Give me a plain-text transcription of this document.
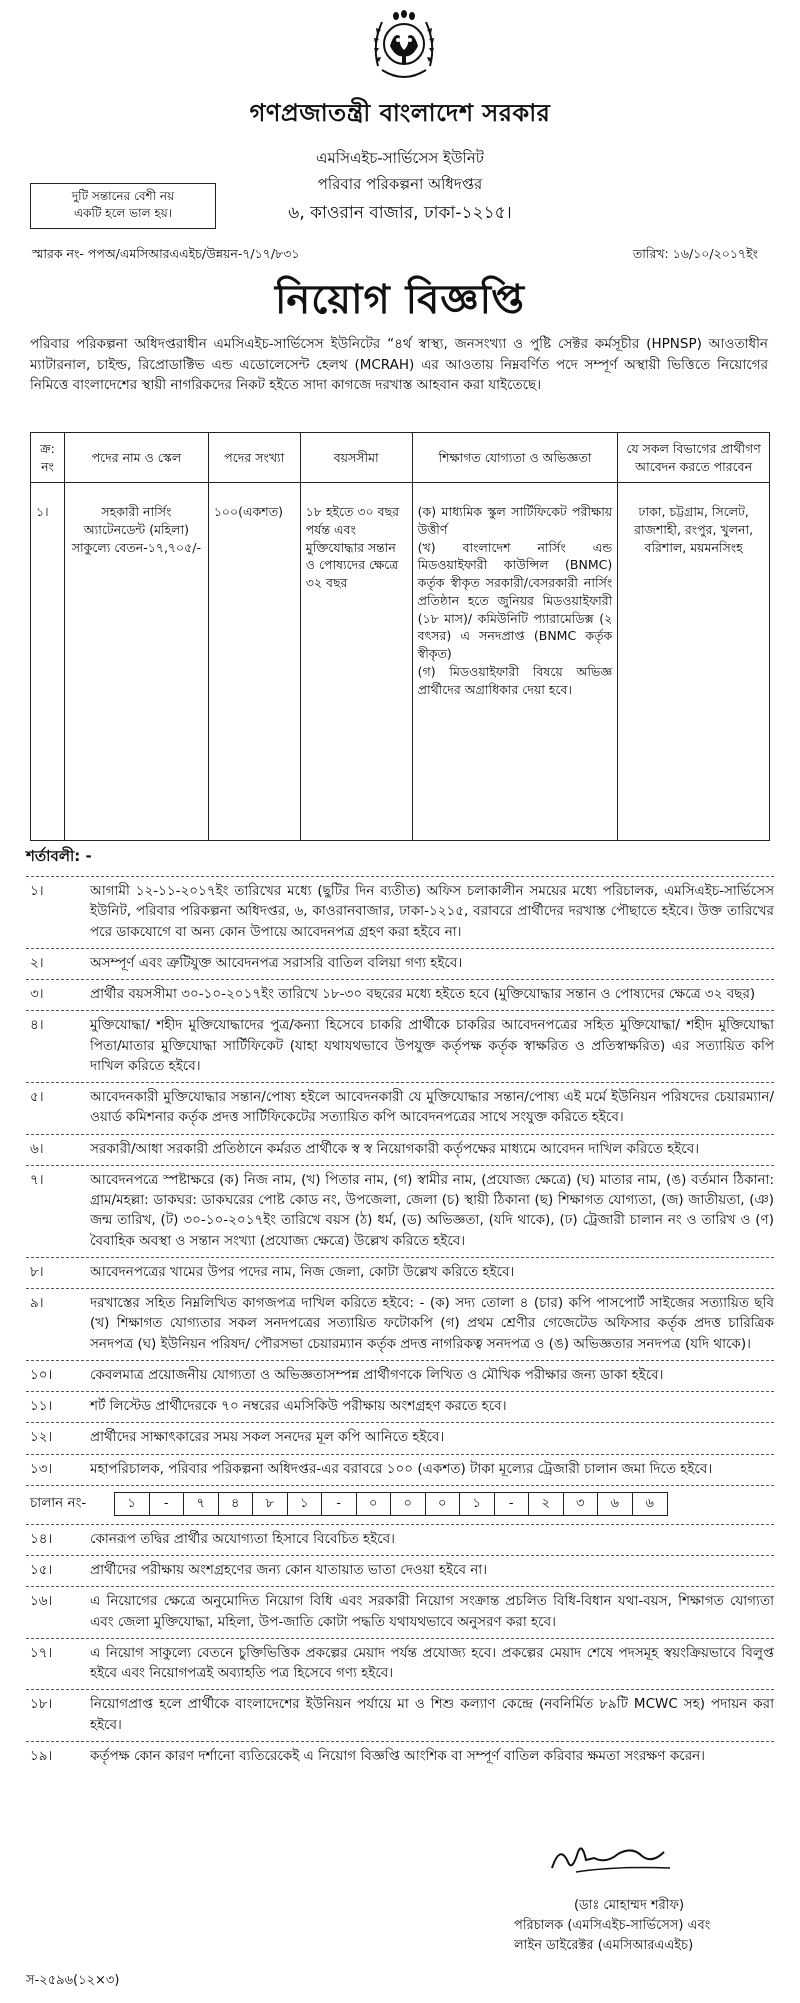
গণপ্রজাতন্ত্রী বাংলাদেশ সরকার
দুটি সন্তানের বেশী নয়
একটি হলে ভাল হয়।
এমসিএইচ-সার্ভিসেস ইউনিট
পরিবার পরিকল্পনা অধিদপ্তর
৬, কাওরান বাজার, ঢাকা-১২১৫।
স্মারক নং- পপঅ/এমসিআরএএইচ/উন্নয়ন-৭/১৭/৮৩১	তারিখ: ১৬/১০/২০১৭ইং
নিয়োগ বিজ্ঞপ্তি
পরিবার পরিকল্পনা অধিদপ্তরাধীন এমসিএইচ-সার্ভিসেস ইউনিটের “৪র্থ স্বাস্থ্য, জনসংখ্যা ও পুষ্টি সেক্টর কর্মসূচীর (HPNSP) আওতাধীন ম্যাটারনাল, চাইল্ড, রিপ্রোডাক্টিভ এন্ড এডোলেসেন্ট হেলথ (MCRAH) এর আওতায় নিম্নবর্ণিত পদে সম্পূর্ণ অস্থায়ী ভিত্তিতে নিয়োগের নিমিত্তে বাংলাদেশের স্থায়ী নাগরিকদের নিকট হইতে সাদা কাগজে দরখাস্ত আহবান করা যাইতেছে।
ক্র: নং	পদের নাম ও স্কেল	পদের সংখ্যা	বয়সসীমা	শিক্ষাগত যোগ্যতা ও অভিজ্ঞতা	যে সকল বিভাগের প্রার্থীগণ আবেদন করতে পারবেন
১।	সহকারী নার্সিং অ্যাটেনডেন্ট (মহিলা) সাকুল্যে বেতন-১৭,৭০৫/-	১০০(একশত)	১৮ হইতে ৩০ বছর পর্যন্ত এবং মুক্তিযোদ্ধার সন্তান ও পোষ্যদের ক্ষেত্রে ৩২ বছর	(ক) মাধ্যমিক স্কুল সার্টিফিকেট পরীক্ষায় উত্তীর্ণ
(খ) বাংলাদেশ নার্সিং এন্ড মিডওয়াইফারী কাউন্সিল (BNMC) কর্তৃক স্বীকৃত সরকারী/বেসরকারী নার্সিং প্রতিষ্ঠান হতে জুনিয়র মিডওয়াইফারী (১৮ মাস)/ কমিউনিটি প্যারামেডিক্স (২ বৎসর) এ সনদপ্রাপ্ত (BNMC কর্তৃক স্বীকৃত)
(গ) মিডওয়াইফারী বিষয়ে অভিজ্ঞ প্রার্থীদের অগ্রাধিকার দেয়া হবে।	ঢাকা, চট্টগ্রাম, সিলেট, রাজশাহী, রংপুর, খুলনা, বরিশাল, ময়মনসিংহ
শর্তাবলী: -
১।	আগামী ১২-১১-২০১৭ইং তারিখের মধ্যে (ছুটির দিন ব্যতীত) অফিস চলাকালীন সময়ের মধ্যে পরিচালক, এমসিএইচ-সার্ভিসেস ইউনিট, পরিবার পরিকল্পনা অধিদপ্তর, ৬, কাওরানবাজার, ঢাকা-১২১৫, বরাবরে প্রার্থীদের দরখাস্ত পৌছাতে হইবে। উক্ত তারিখের পরে ডাকযোগে বা অন্য কোন উপায়ে আবেদনপত্র গ্রহণ করা হইবে না।
২।	অসম্পূর্ণ এবং ত্রুটিযুক্ত আবেদনপত্র সরাসরি বাতিল বলিয়া গণ্য হইবে।
৩।	প্রার্থীর বয়সসীমা ৩০-১০-২০১৭ইং তারিখে ১৮-৩০ বছরের মধ্যে হইতে হবে (মুক্তিযোদ্ধার সন্তান ও পোষ্যদের ক্ষেত্রে ৩২ বছর)
৪।	মুক্তিযোদ্ধা/ শহীদ মুক্তিযোদ্ধাদের পুত্র/কন্যা হিসেবে চাকরি প্রার্থীকে চাকরির আবেদনপত্রের সহিত মুক্তিযোদ্ধা/ শহীদ মুক্তিযোদ্ধা পিতা/মাতার মুক্তিযোদ্ধা সার্টিফিকেট (যাহা যথাযথভাবে উপযুক্ত কর্তৃপক্ষ কর্তৃক স্বাক্ষরিত ও প্রতিস্বাক্ষরিত) এর সত্যায়িত কপি দাখিল করিতে হইবে।
৫।	আবেদনকারী মুক্তিযোদ্ধার সন্তান/পোষ্য হইলে আবেদনকারী যে মুক্তিযোদ্ধার সন্তান/পোষ্য এই মর্মে ইউনিয়ন পরিষদের চেয়ারম্যান/ওয়ার্ড কমিশনার কর্তৃক প্রদত্ত সার্টিফিকেটের সত্যায়িত কপি আবেদনপত্রের সাথে সংযুক্ত করিতে হইবে।
৬।	সরকারী/আধা সরকারী প্রতিষ্ঠানে কর্মরত প্রার্থীকে স্ব স্ব নিয়োগকারী কর্তৃপক্ষের মাধ্যমে আবেদন দাখিল করিতে হইবে।
৭।	আবেদনপত্রে স্পষ্টাক্ষরে (ক) নিজ নাম, (খ) পিতার নাম, (গ) স্বামীর নাম, (প্রযোজ্য ক্ষেত্রে) (ঘ) মাতার নাম, (ঙ) বর্তমান ঠিকানা: গ্রাম/মহল্লা: ডাকঘর: ডাকঘরের পোষ্ট কোড নং, উপজেলা, জেলা (চ) স্থায়ী ঠিকানা (ছ) শিক্ষাগত যোগ্যতা, (জ) জাতীয়তা, (ঞ) জন্ম তারিখ, (ট) ৩০-১০-২০১৭ইং তারিখে বয়স (ঠ) ধর্ম, (ড) অভিজ্ঞতা, (যদি থাকে), (ঢ) ট্রেজারী চালান নং ও তারিখ ও (ণ) বৈবাহিক অবস্থা ও সন্তান সংখ্যা (প্রযোজ্য ক্ষেত্রে) উল্লেখ করিতে হইবে।
৮।	আবেদনপত্রের খামের উপর পদের নাম, নিজ জেলা, কোটা উল্লেখ করিতে হইবে।
৯।	দরখাস্তের সহিত নিম্নলিখিত কাগজপত্র দাখিল করিতে হইবে: - (ক) সদ্য তোলা ৪ (চার) কপি পাসপোর্ট সাইজের সত্যায়িত ছবি (খ) শিক্ষাগত যোগ্যতার সকল সনদপত্রের সত্যায়িত ফটোকপি (গ) প্রথম শ্রেণীর গেজেটেড অফিসার কর্তৃক প্রদত্ত চারিত্রিক সনদপত্র (ঘ) ইউনিয়ন পরিষদ/ পৌরসভা চেয়ারম্যান কর্তৃক প্রদত্ত নাগরিকত্ব সনদপত্র ও (ঙ) অভিজ্ঞতার সনদপত্র (যদি থাকে)।
১০।	কেবলমাত্র প্রয়োজনীয় যোগ্যতা ও অভিজ্ঞতাসম্পন্ন প্রার্থীগণকে লিখিত ও মৌখিক পরীক্ষার জন্য ডাকা হইবে।
১১।	শর্ট লিস্টেড প্রার্থীদেরকে ৭০ নম্বরের এমসিকিউ পরীক্ষায় অংশগ্রহণ করতে হবে।
১২।	প্রার্থীদের সাক্ষাৎকারের সময় সকল সনদের মূল কপি আনিতে হইবে।
১৩।	মহাপরিচালক, পরিবার পরিকল্পনা অধিদপ্তর-এর বরাবরে ১০০ (একশত) টাকা মূল্যের ট্রেজারী চালান জমা দিতে হইবে।
চালান নং-	১	-	৭	৪	৮	১	-	০	০	০	১	-	২	৩	৬	৬
১৪।	কোনরূপ তদ্বির প্রার্থীর অযোগ্যতা হিসাবে বিবেচিত হইবে।
১৫।	প্রার্থীদের পরীক্ষায় অংশগ্রহণের জন্য কোন যাতায়াত ভাতা দেওয়া হইবে না।
১৬।	এ নিয়োগের ক্ষেত্রে অনুমোদিত নিয়োগ বিধি এবং সরকারী নিয়োগ সংক্রান্ত প্রচলিত বিধি-বিধান যথা-বয়স, শিক্ষাগত যোগ্যতা এবং জেলা মুক্তিযোদ্ধা, মহিলা, উপ-জাতি কোটা পদ্ধতি যথাযথভাবে অনুসরণ করা হবে।
১৭।	এ নিয়োগ সাকুল্যে বেতনে চুক্তিভিত্তিক প্রকল্পের মেয়াদ পর্যন্ত প্রযোজ্য হবে। প্রকল্পের মেয়াদ শেষে পদসমূহ স্বয়ংক্রিয়ভাবে বিলুপ্ত হইবে এবং নিয়োগপত্রই অব্যাহতি পত্র হিসেবে গণ্য হইবে।
১৮।	নিয়োগপ্রাপ্ত হলে প্রার্থীকে বাংলাদেশের ইউনিয়ন পর্যায়ে মা ও শিশু কল্যাণ কেন্দ্রে (নবনির্মিত ৮৯টি MCWC সহ) পদায়ন করা হইবে।
১৯।	কর্তৃপক্ষ কোন কারণ দর্শানো ব্যতিরেকেই এ নিয়োগ বিজ্ঞপ্তি আংশিক বা সম্পূর্ণ বাতিল করিবার ক্ষমতা সংরক্ষণ করেন।
(ডাঃ মোহাম্মদ শরীফ)
পরিচালক (এমসিএইচ-সার্ভিসেস) এবং
লাইন ডাইরেক্টর (এমসিআরএএইচ)
স-২৫৯৬(১২×৩)
